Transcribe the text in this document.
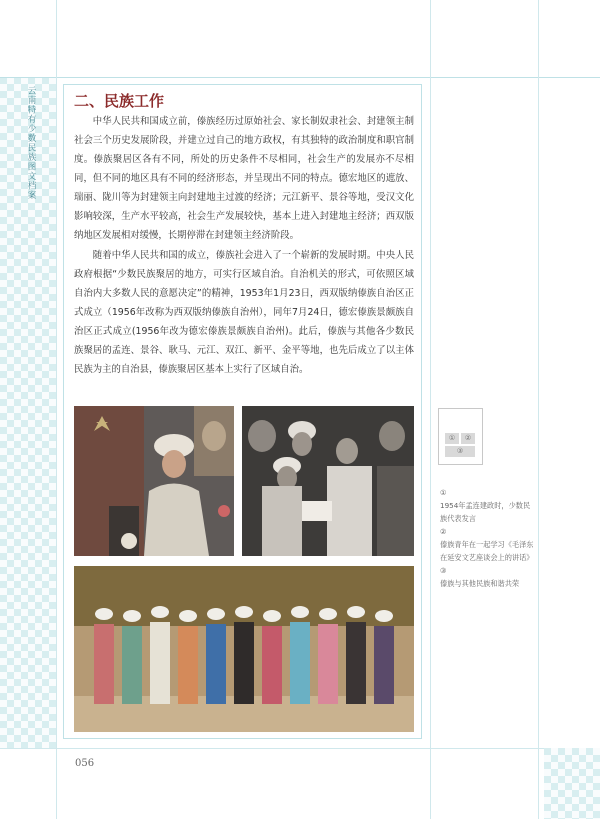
云南特有少数民族图文档案	二、民族工作

中华人民共和国成立前，傣族经历过原始社会、家长制奴隶社会、封建领主制社会三个历史发展阶段，并建立过自己的地方政权，有其独特的政治制度和职官制度。傣族聚居区各有不同，所处的历史条件不尽相同，社会生产的发展亦不尽相同，但不同的地区具有不同的经济形态，并呈现出不同的特点。德宏地区的遮放、瑞丽、陇川等为封建领主向封建地主过渡的经济；元江新平、景谷等地，受汉文化影响较深，生产水平较高，社会生产发展较快，基本上进入封建地主经济；西双版纳地区发展相对缓慢，长期停滞在封建领主经济阶段。

随着中华人民共和国的成立，傣族社会进入了一个崭新的发展时期。中央人民政府根据“少数民族聚居的地方，可实行区域自治。自治机关的形式，可依照区域自治内大多数人民的意愿决定”的精神，1953年1月23日，西双版纳傣族自治区正式成立（1956年改称为西双版纳傣族自治州），同年7月24日，德宏傣族景颇族自治区正式成立(1956年改为德宏傣族景颇族自治州)。此后，傣族与其他各少数民族聚居的孟连、景谷、耿马、元江、双江、新平、金平等地，也先后成立了以主体民族为主的自治县，傣族聚居区基本上实行了区域自治。

①	②
③
①
1954年孟连建政时，少数民族代表发言
②
傣族青年在一起学习《毛泽东在延安文艺座谈会上的讲话》
③
傣族与其他民族和谐共荣
056
